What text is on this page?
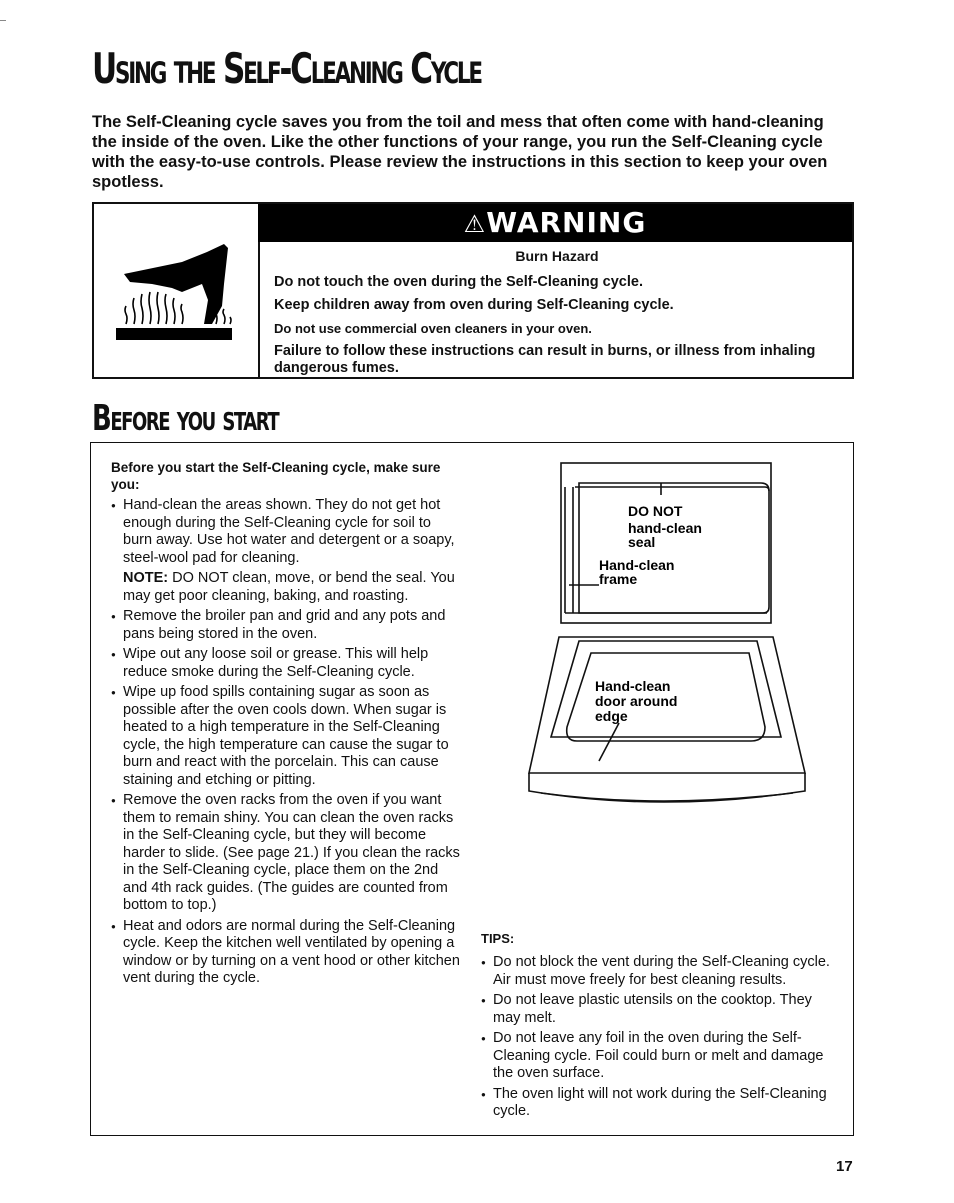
Using the Self-Cleaning Cycle

The Self-Cleaning cycle saves you from the toil and mess that often come with hand-cleaning the inside of the oven. Like the other functions of your range, you run the Self-Cleaning cycle with the easy-to-use controls. Please review the instructions in this section to keep your oven spotless.

⚠WARNING

Burn Hazard

Do not touch the oven during the Self-Cleaning cycle.

Keep children away from oven during Self-Cleaning cycle.

Do not use commercial oven cleaners in your oven.

Failure to follow these instructions can result in burns, or illness from inhaling dangerous fumes.

Before you start

Before you start the Self-Cleaning cycle, make sure you:

● Hand-clean the areas shown. They do not get hot enough during the Self-Cleaning cycle for soil to burn away. Use hot water and detergent or a soapy, steel-wool pad for cleaning.

NOTE: DO NOT clean, move, or bend the seal. You may get poor cleaning, baking, and roasting.

● Remove the broiler pan and grid and any pots and pans being stored in the oven.
● Wipe out any loose soil or grease. This will help reduce smoke during the Self-Cleaning cycle.
● Wipe up food spills containing sugar as soon as possible after the oven cools down. When sugar is heated to a high temperature in the Self-Cleaning cycle, the high temperature can cause the sugar to burn and react with the porcelain. This can cause staining and etching or pitting.
● Remove the oven racks from the oven if you want them to remain shiny. You can clean the oven racks in the Self-Cleaning cycle, but they will become harder to slide. (See page 21.) If you clean the racks in the Self-Cleaning cycle, place them on the 2nd and 4th rack guides. (The guides are counted from bottom to top.)
● Heat and odors are normal during the Self-Cleaning cycle. Keep the kitchen well ventilated by opening a window or by turning on a vent hood or other kitchen vent during the cycle.
DO NOT
hand-clean
seal
Hand-clean
frame
Hand-clean
door around
edge

TIPS:

● Do not block the vent during the Self-Cleaning cycle. Air must move freely for best cleaning results.
● Do not leave plastic utensils on the cooktop. They may melt.
● Do not leave any foil in the oven during the Self-Cleaning cycle. Foil could burn or melt and damage the oven surface.
● The oven light will not work during the Self-Cleaning cycle.
17
